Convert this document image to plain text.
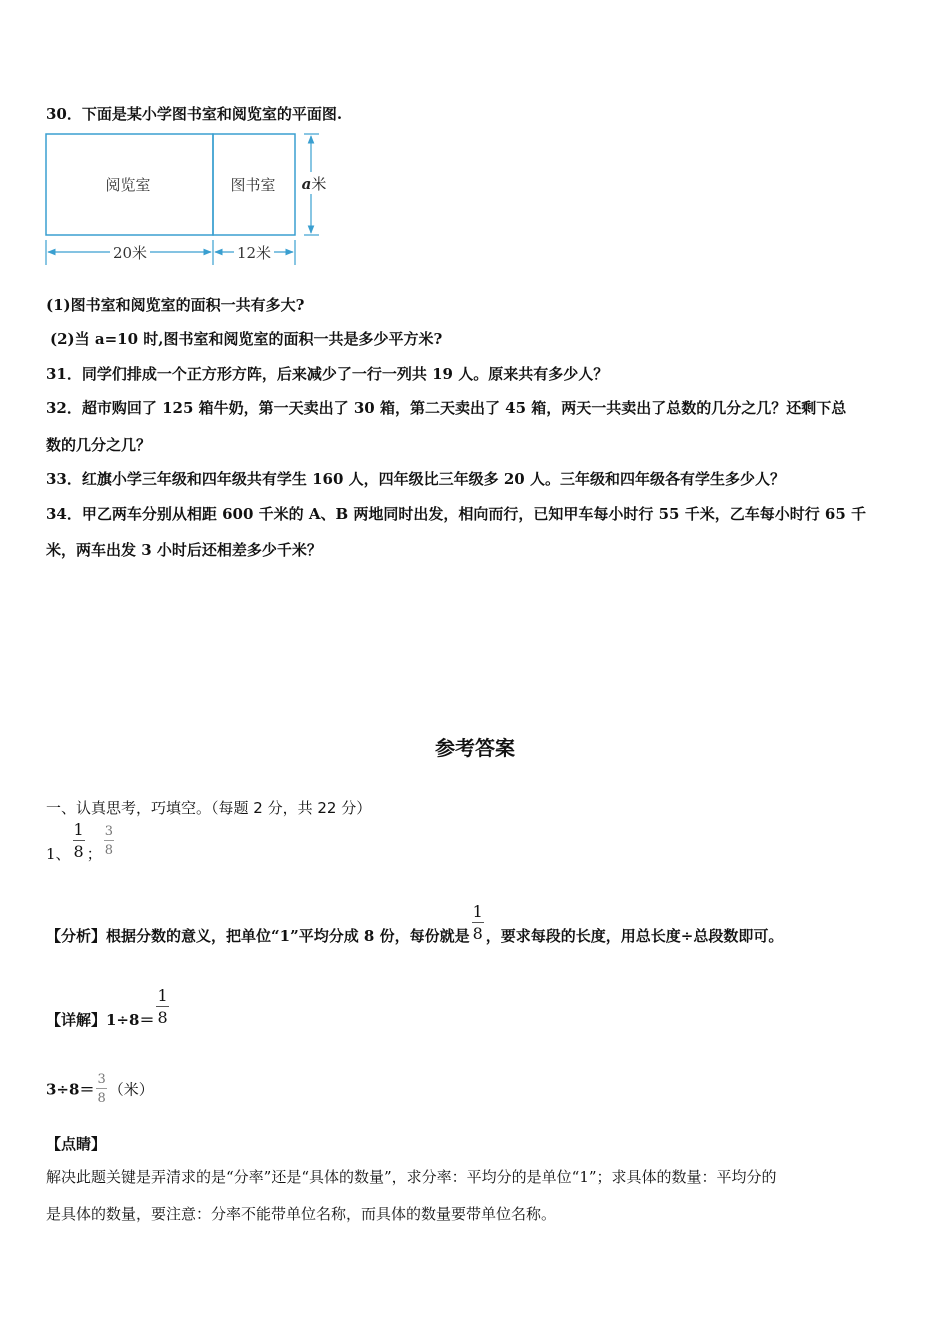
30．下面是某小学图书室和阅览室的平面图.
阅览室	图书室 a米
20米	12米
(1)图书室和阅览室的面积一共有多大?
(2)当 a=10 时,图书室和阅览室的面积一共是多少平方米?
31．同学们排成一个正方形方阵，后来减少了一行一列共 19 人。原来共有多少人？
32．超市购回了 125 箱牛奶，第一天卖出了 30 箱，第二天卖出了 45 箱，两天一共卖出了总数的几分之几？还剩下总
数的几分之几？
33．红旗小学三年级和四年级共有学生 160 人，四年级比三年级多 20 人。三年级和四年级各有学生多少人？
34．甲乙两车分别从相距 600 千米的 A、B 两地同时出发，相向而行，已知甲车每小时行 55 千米，乙车每小时行 65 千
米，两车出发 3 小时后还相差多少千米？
参考答案
一、认真思考，巧填空。（每题 2 分，共 22 分）
1、 $\frac{1}{8}$ ； $\frac{3}{8}$
【分析】根据分数的意义，把单位“1”平均分成 8 份，每份就是 $\frac{1}{8}$ ，要求每段的长度，用总长度÷总段数即可。
【详解】$1\div 8= \frac{1}{8}$
$3\div 8= \frac{3}{8}$ （米）
【点睛】
解决此题关键是弄清求的是“分率”还是“具体的数量”，求分率：平均分的是单位“1”；求具体的数量：平均分的
是具体的数量，要注意：分率不能带单位名称，而具体的数量要带单位名称。
